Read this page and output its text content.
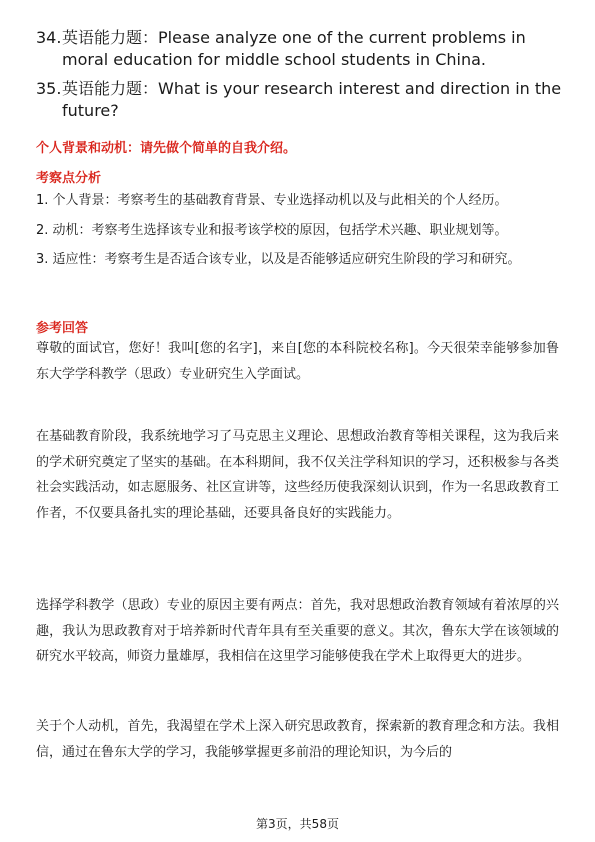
34. 英语能力题：Please analyze one of the current problems in moral education for middle school students in China.
35. 英语能力题：What is your research interest and direction in the future?
个人背景和动机：请先做个简单的自我介绍。
考察点分析
1. 个人背景：考察考生的基础教育背景、专业选择动机以及与此相关的个人经历。
2. 动机：考察考生选择该专业和报考该学校的原因，包括学术兴趣、职业规划等。
3. 适应性：考察考生是否适合该专业，以及是否能够适应研究生阶段的学习和研究。
参考回答
尊敬的面试官，您好！我叫[您的名字]，来自[您的本科院校名称]。今天很荣幸能够参加鲁东大学学科教学（思政）专业研究生入学面试。
在基础教育阶段，我系统地学习了马克思主义理论、思想政治教育等相关课程，这为我后来的学术研究奠定了坚实的基础。在本科期间，我不仅关注学科知识的学习，还积极参与各类社会实践活动，如志愿服务、社区宣讲等，这些经历使我深刻认识到，作为一名思政教育工作者，不仅要具备扎实的理论基础，还要具备良好的实践能力。
选择学科教学（思政）专业的原因主要有两点：首先，我对思想政治教育领域有着浓厚的兴趣，我认为思政教育对于培养新时代青年具有至关重要的意义。其次，鲁东大学在该领域的研究水平较高，师资力量雄厚，我相信在这里学习能够使我在学术上取得更大的进步。
关于个人动机，首先，我渴望在学术上深入研究思政教育，探索新的教育理念和方法。我相信，通过在鲁东大学的学习，我能够掌握更多前沿的理论知识，为今后的
第3页，共58页
